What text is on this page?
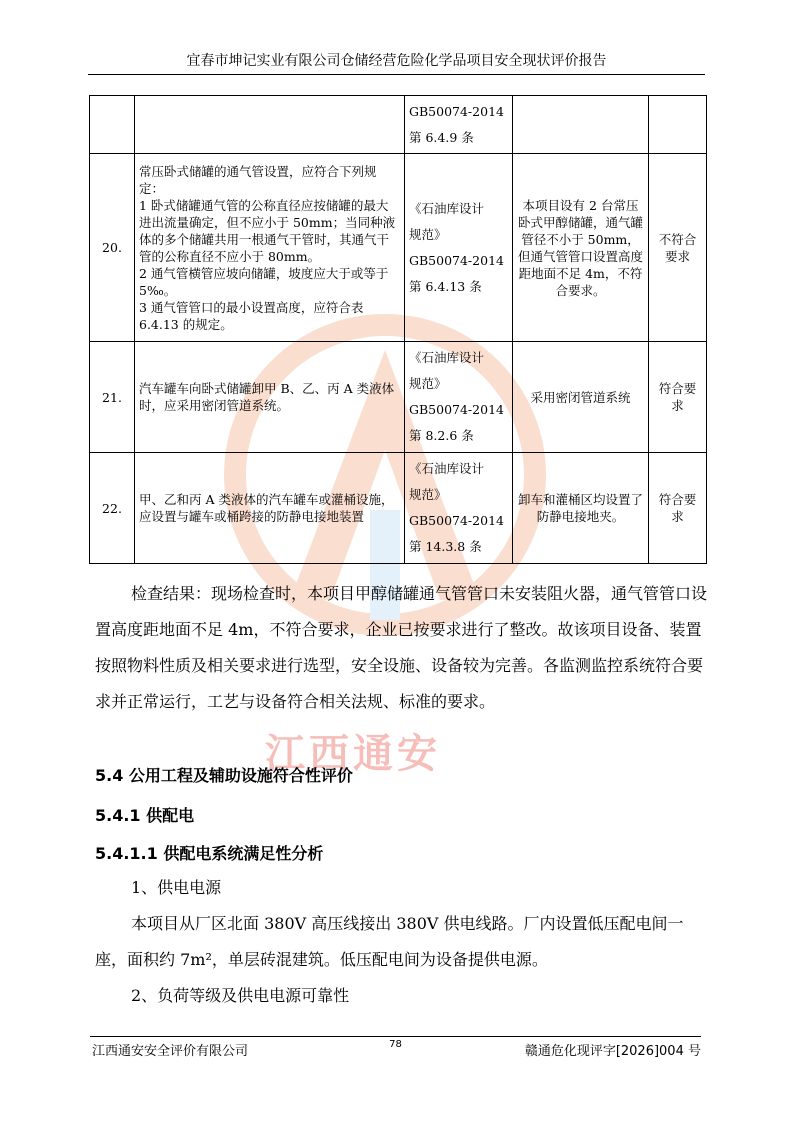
宜春市坤记实业有限公司仓储经营危险化学品项目安全现状评价报告
江西通安

		GB50074-2014
第 6.4.9 条		

20.	常压卧式储罐的通气管设置，应符合下列规定：
1 卧式储罐通气管的公称直径应按储罐的最大进出流量确定，但不应小于 50mm；当同种液体的多个储罐共用一根通气干管时，其通气干管的公称直径不应小于 80mm。
2 通气管横管应坡向储罐，坡度应大于或等于 5‰。
3 通气管管口的最小设置高度，应符合表 6.4.13 的规定。	《石油库设计
规范》
GB50074-2014
第 6.4.13 条	本项目设有 2 台常压卧式甲醇储罐，通气罐管径不小于 50mm，但通气管管口设置高度距地面不足 4m，不符合要求。	不符合要求
21.	汽车罐车向卧式储罐卸甲 B、乙、丙 A 类液体时，应采用密闭管道系统。	《石油库设计
规范》
GB50074-2014
第 8.2.6 条	采用密闭管道系统	符合要求
22.	甲、乙和丙 A 类液体的汽车罐车或灌桶设施，应设置与罐车或桶跨接的防静电接地装置	《石油库设计
规范》
GB50074-2014
第 14.3.8 条	卸车和灌桶区均设置了防静电接地夹。	符合要求

检查结果：现场检查时，本项目甲醇储罐通气管管口未安装阻火器，通气管管口设置高度距地面不足 4m，不符合要求，企业已按要求进行了整改。故该项目设备、装置按照物料性质及相关要求进行选型，安全设施、设备较为完善。各监测监控系统符合要求并正常运行，工艺与设备符合相关法规、标准的要求。

5.4 公用工程及辅助设施符合性评价
5.4.1 供配电
5.4.1.1 供配电系统满足性分析

1、供电电源

本项目从厂区北面 380V 高压线接出 380V 供电线路。厂内设置低压配电间一座，面积约 7m²，单层砖混建筑。低压配电间为设备提供电源。

2、负荷等级及供电电源可靠性

江西通安安全评价有限公司	78	赣通危化现评字[2026]004 号
